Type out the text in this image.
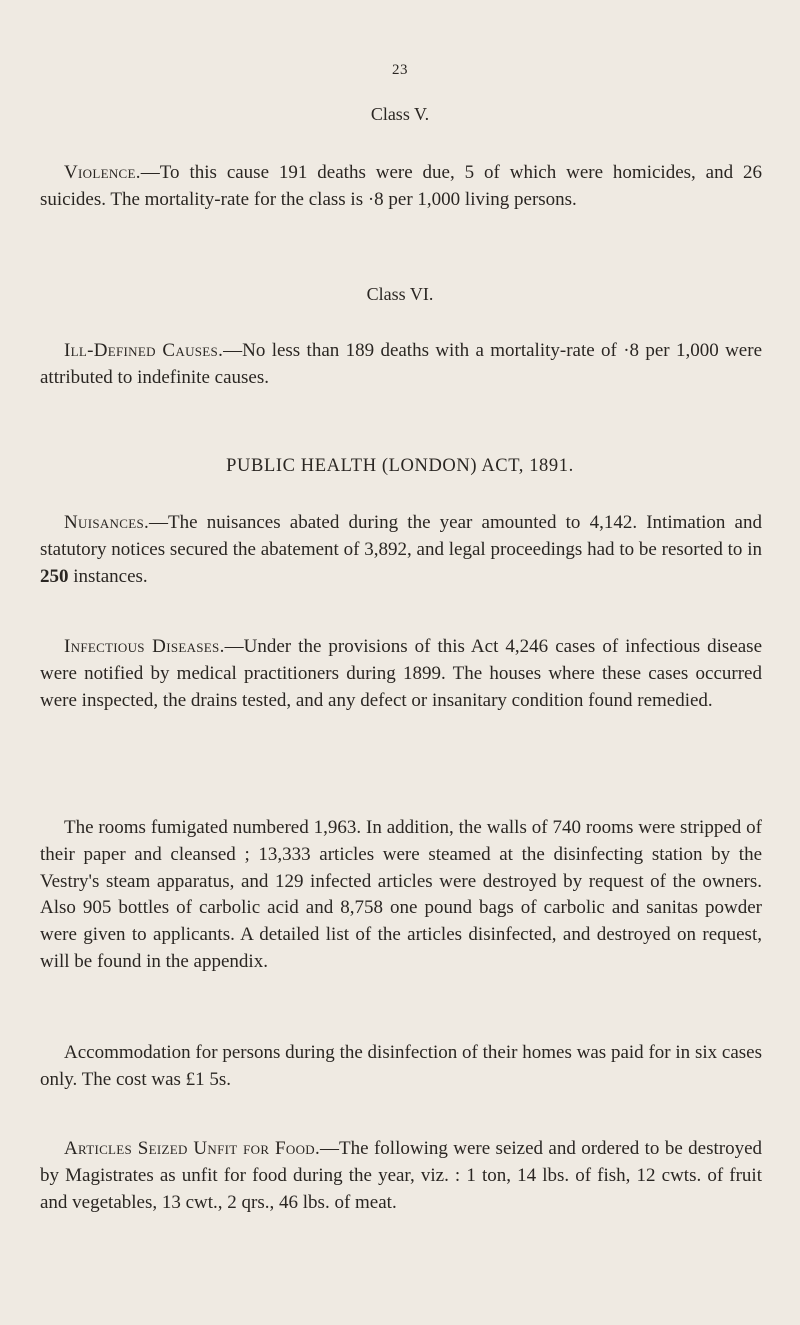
23
Class V.

Violence.—To this cause 191 deaths were due, 5 of which were homicides, and 26 suicides. The mortality-rate for the class is ·8 per 1,000 living persons.

Class VI.

Ill-Defined Causes.—No less than 189 deaths with a mortality-rate of ·8 per 1,000 were attributed to indefinite causes.

PUBLIC HEALTH (LONDON) ACT, 1891.

Nuisances.—The nuisances abated during the year amounted to 4,142. Intimation and statutory notices secured the abatement of 3,892, and legal proceedings had to be resorted to in 250 instances.

Infectious Diseases.—Under the provisions of this Act 4,246 cases of infectious disease were notified by medical practitioners during 1899. The houses where these cases occurred were inspected, the drains tested, and any defect or insanitary condition found remedied.

The rooms fumigated numbered 1,963. In addition, the walls of 740 rooms were stripped of their paper and cleansed ; 13,333 articles were steamed at the disinfecting station by the Vestry's steam apparatus, and 129 infected articles were destroyed by request of the owners. Also 905 bottles of carbolic acid and 8,758 one pound bags of carbolic and sanitas powder were given to applicants. A detailed list of the articles disinfected, and destroyed on request, will be found in the appendix.

Accommodation for persons during the disinfection of their homes was paid for in six cases only. The cost was £1 5s.

Articles Seized Unfit for Food.—The following were seized and ordered to be destroyed by Magistrates as unfit for food during the year, viz. : 1 ton, 14 lbs. of fish, 12 cwts. of fruit and vegetables, 13 cwt., 2 qrs., 46 lbs. of meat.
